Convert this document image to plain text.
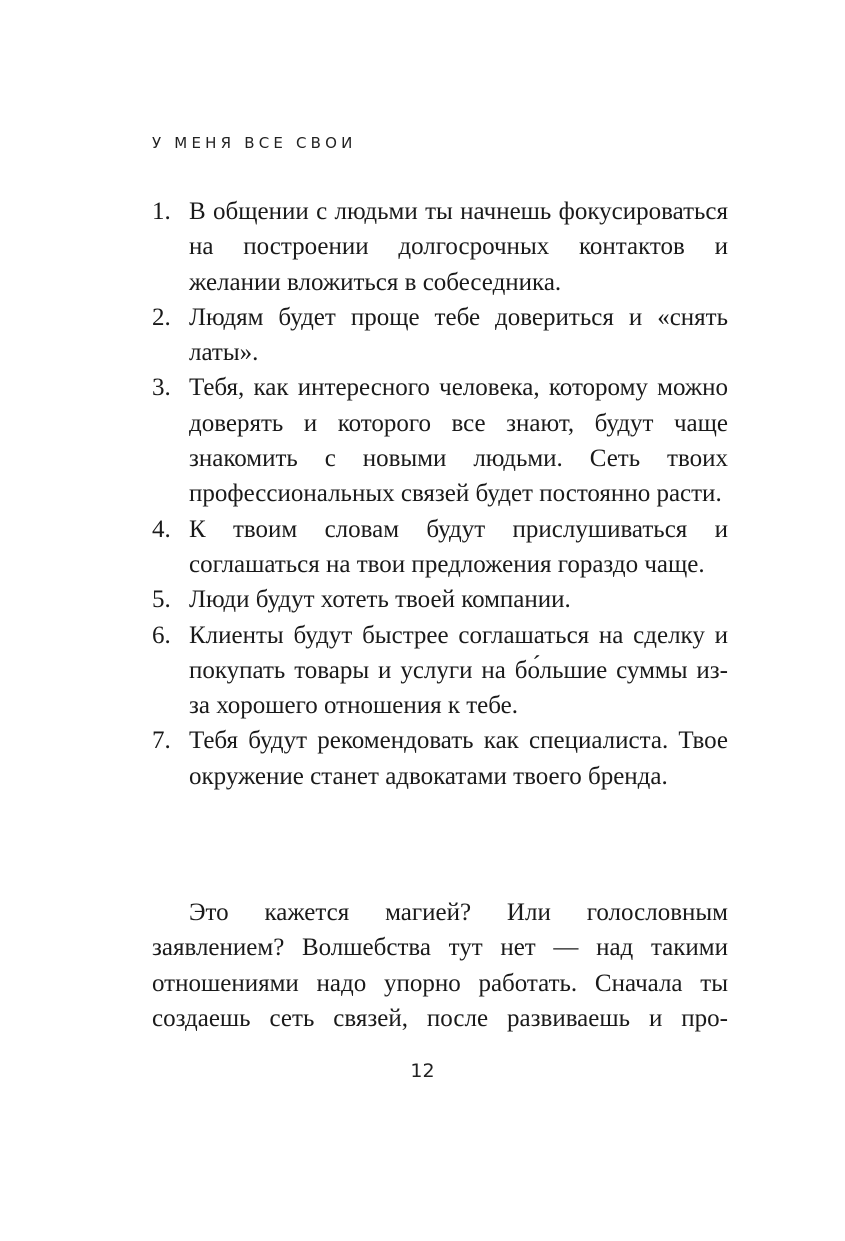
У МЕНЯ ВСЕ СВОИ
1. В общении с людьми ты начнешь фокусироваться на построении долгосрочных контактов и желании вложиться в собеседника.
2. Людям будет проще тебе довериться и «снять латы».
3. Тебя, как интересного человека, которому можно доверять и которого все знают, будут чаще знакомить с новыми людьми. Сеть твоих профессиональных связей будет постоянно расти.
4. К твоим словам будут прислушиваться и соглашаться на твои предложения гораздо чаще.
5. Люди будут хотеть твоей компании.
6. Клиенты будут быстрее соглашаться на сделку и покупать товары и услуги на бо́льшие суммы из-за хорошего отношения к тебе.
7. Тебя будут рекомендовать как специалиста. Твое окружение станет адвокатами твоего бренда.

Это кажется магией? Или голословным заявлением? Волшебства тут нет — над такими отношениями надо упорно работать. Сначала ты создаешь сеть связей, после развиваешь и про-

12
